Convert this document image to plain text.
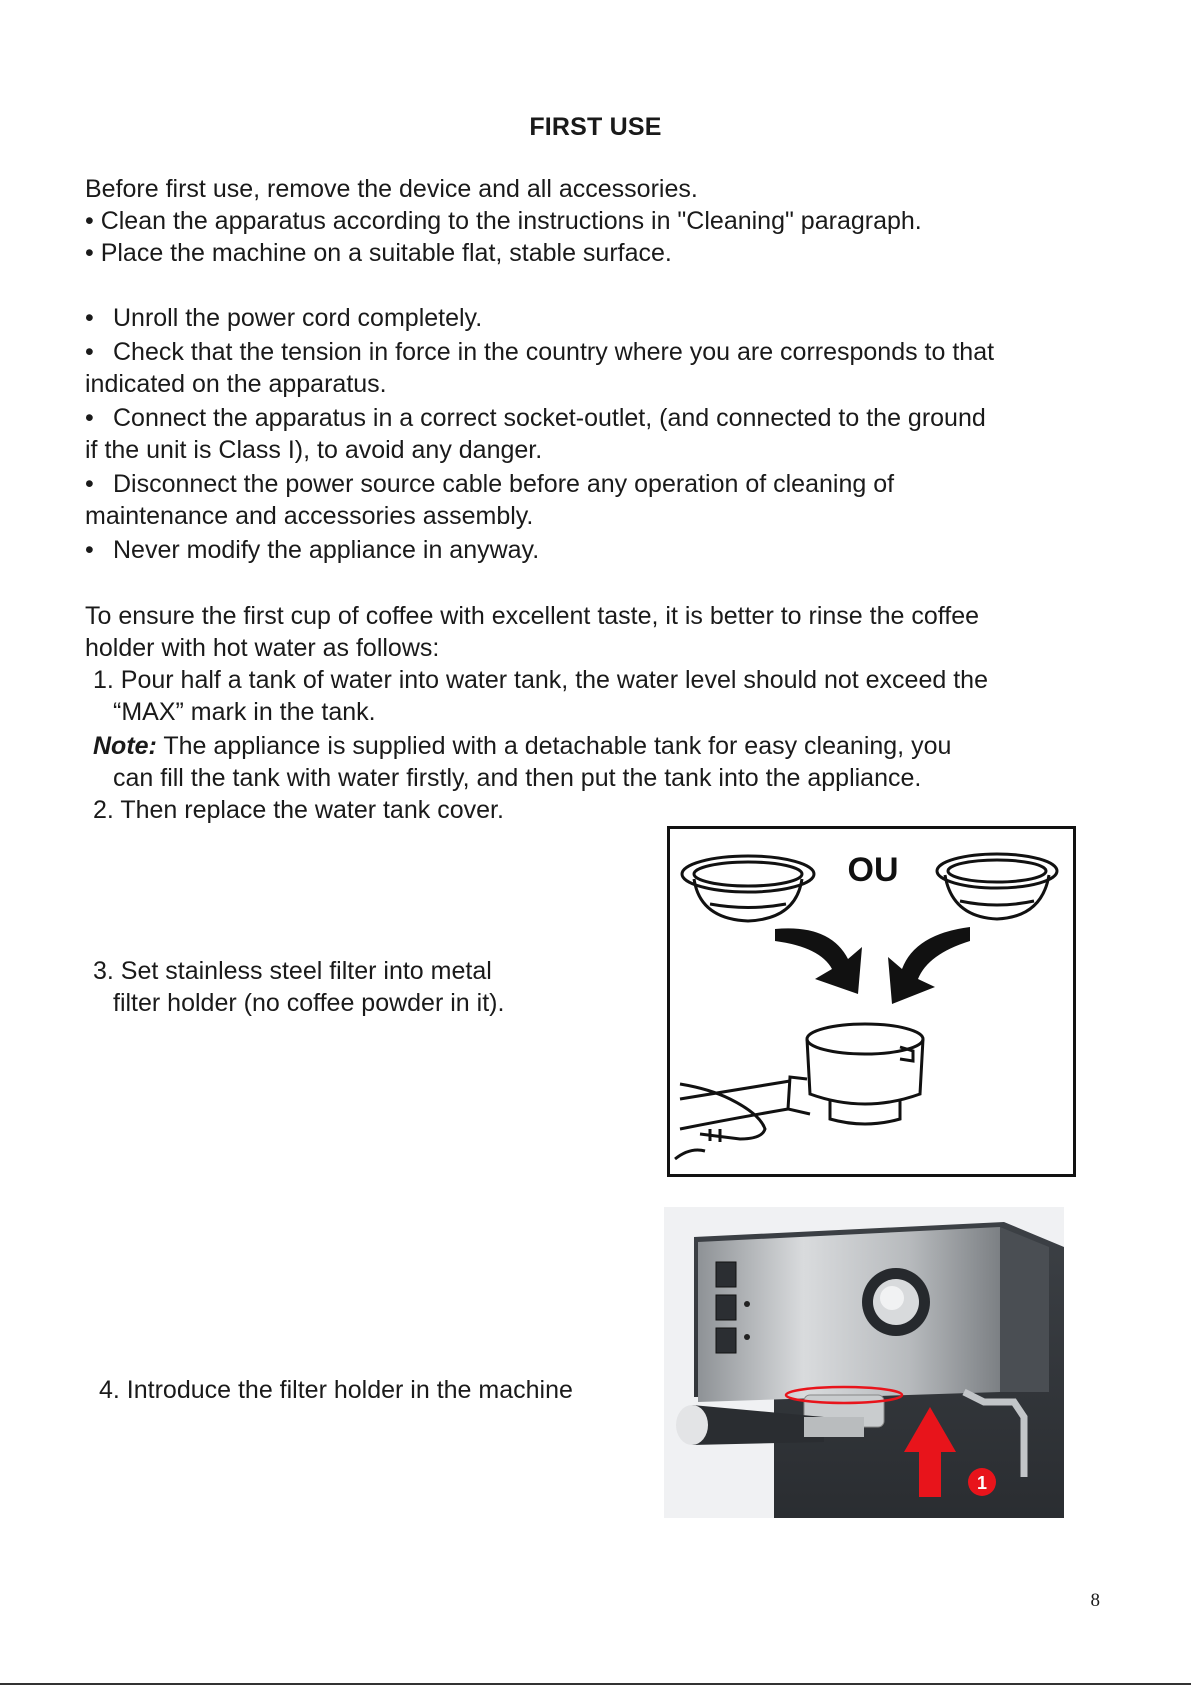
FIRST USE
Before first use, remove the device and all accessories.
• Clean the apparatus according to the instructions in "Cleaning" paragraph.
• Place the machine on a suitable flat, stable surface.
• Unroll the power cord completely.
• Check that the tension in force in the country where you are corresponds to that
indicated on the apparatus.
• Connect the apparatus in a correct socket-outlet, (and connected to the ground
if the unit is Class I), to avoid any danger.
• Disconnect the power source cable before any operation of cleaning of
maintenance and accessories assembly.
• Never modify the appliance in anyway.
To ensure the first cup of coffee with excellent taste, it is better to rinse the coffee
holder with hot water as follows:
1. Pour half a tank of water into water tank, the water level should not exceed the
“MAX” mark in the tank.
Note: The appliance is supplied with a detachable tank for easy cleaning, you
can fill the tank with water firstly, and then put the tank into the appliance.
2. Then replace the water tank cover.
3. Set stainless steel filter into metal
filter holder (no coffee powder in it).
4. Introduce the filter holder in the machine
OU
1
8
